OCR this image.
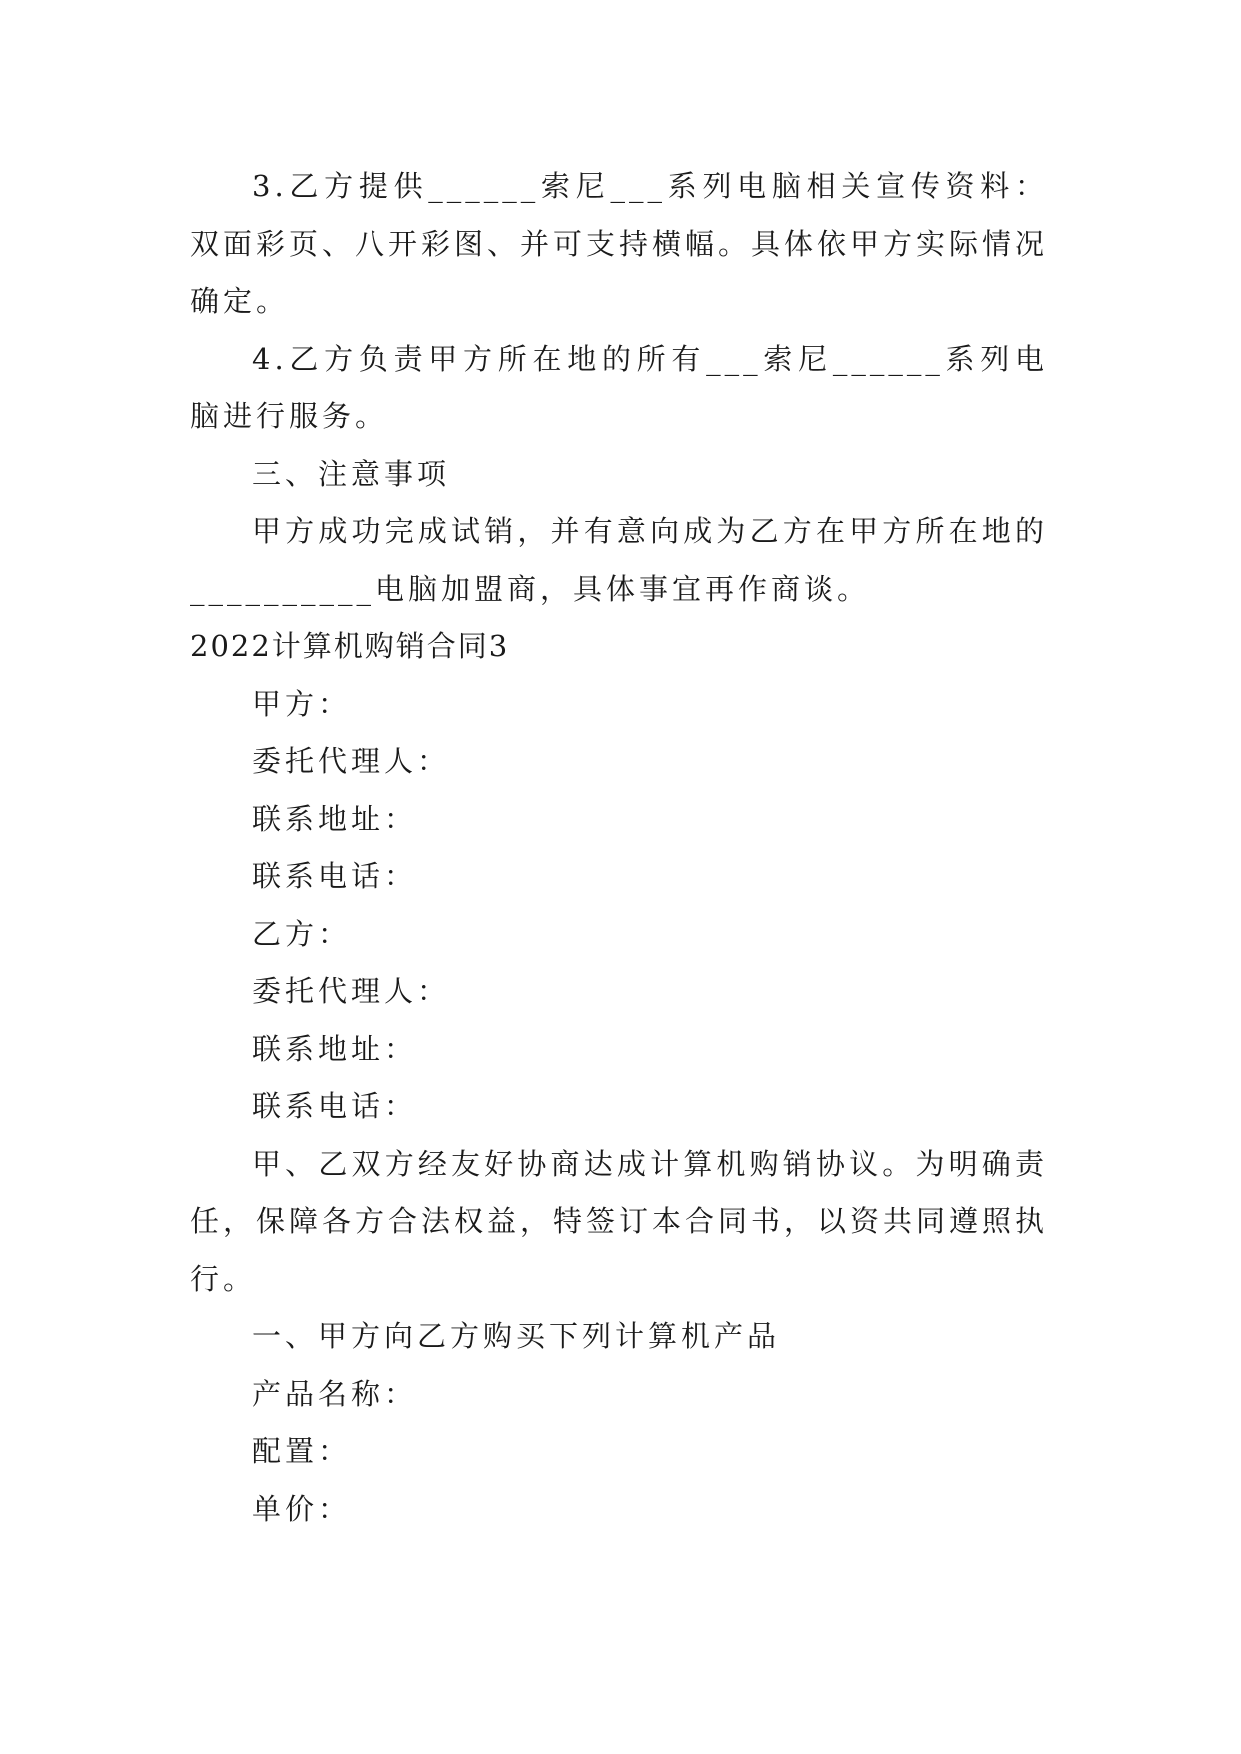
3.乙方提供______索尼___系列电脑相关宣传资料：双面彩页、八开彩图、并可支持横幅。具体依甲方实际情况确定。

4.乙方负责甲方所在地的所有___索尼______系列电脑进行服务。

三、注意事项

甲方成功完成试销，并有意向成为乙方在甲方所在地的__________电脑加盟商，具体事宜再作商谈。

2022计算机购销合同3

甲方：

委托代理人：

联系地址：

联系电话：

乙方：

委托代理人：

联系地址：

联系电话：

甲、乙双方经友好协商达成计算机购销协议。为明确责任，保障各方合法权益，特签订本合同书，以资共同遵照执行。

一、甲方向乙方购买下列计算机产品

产品名称：

配置：

单价：
